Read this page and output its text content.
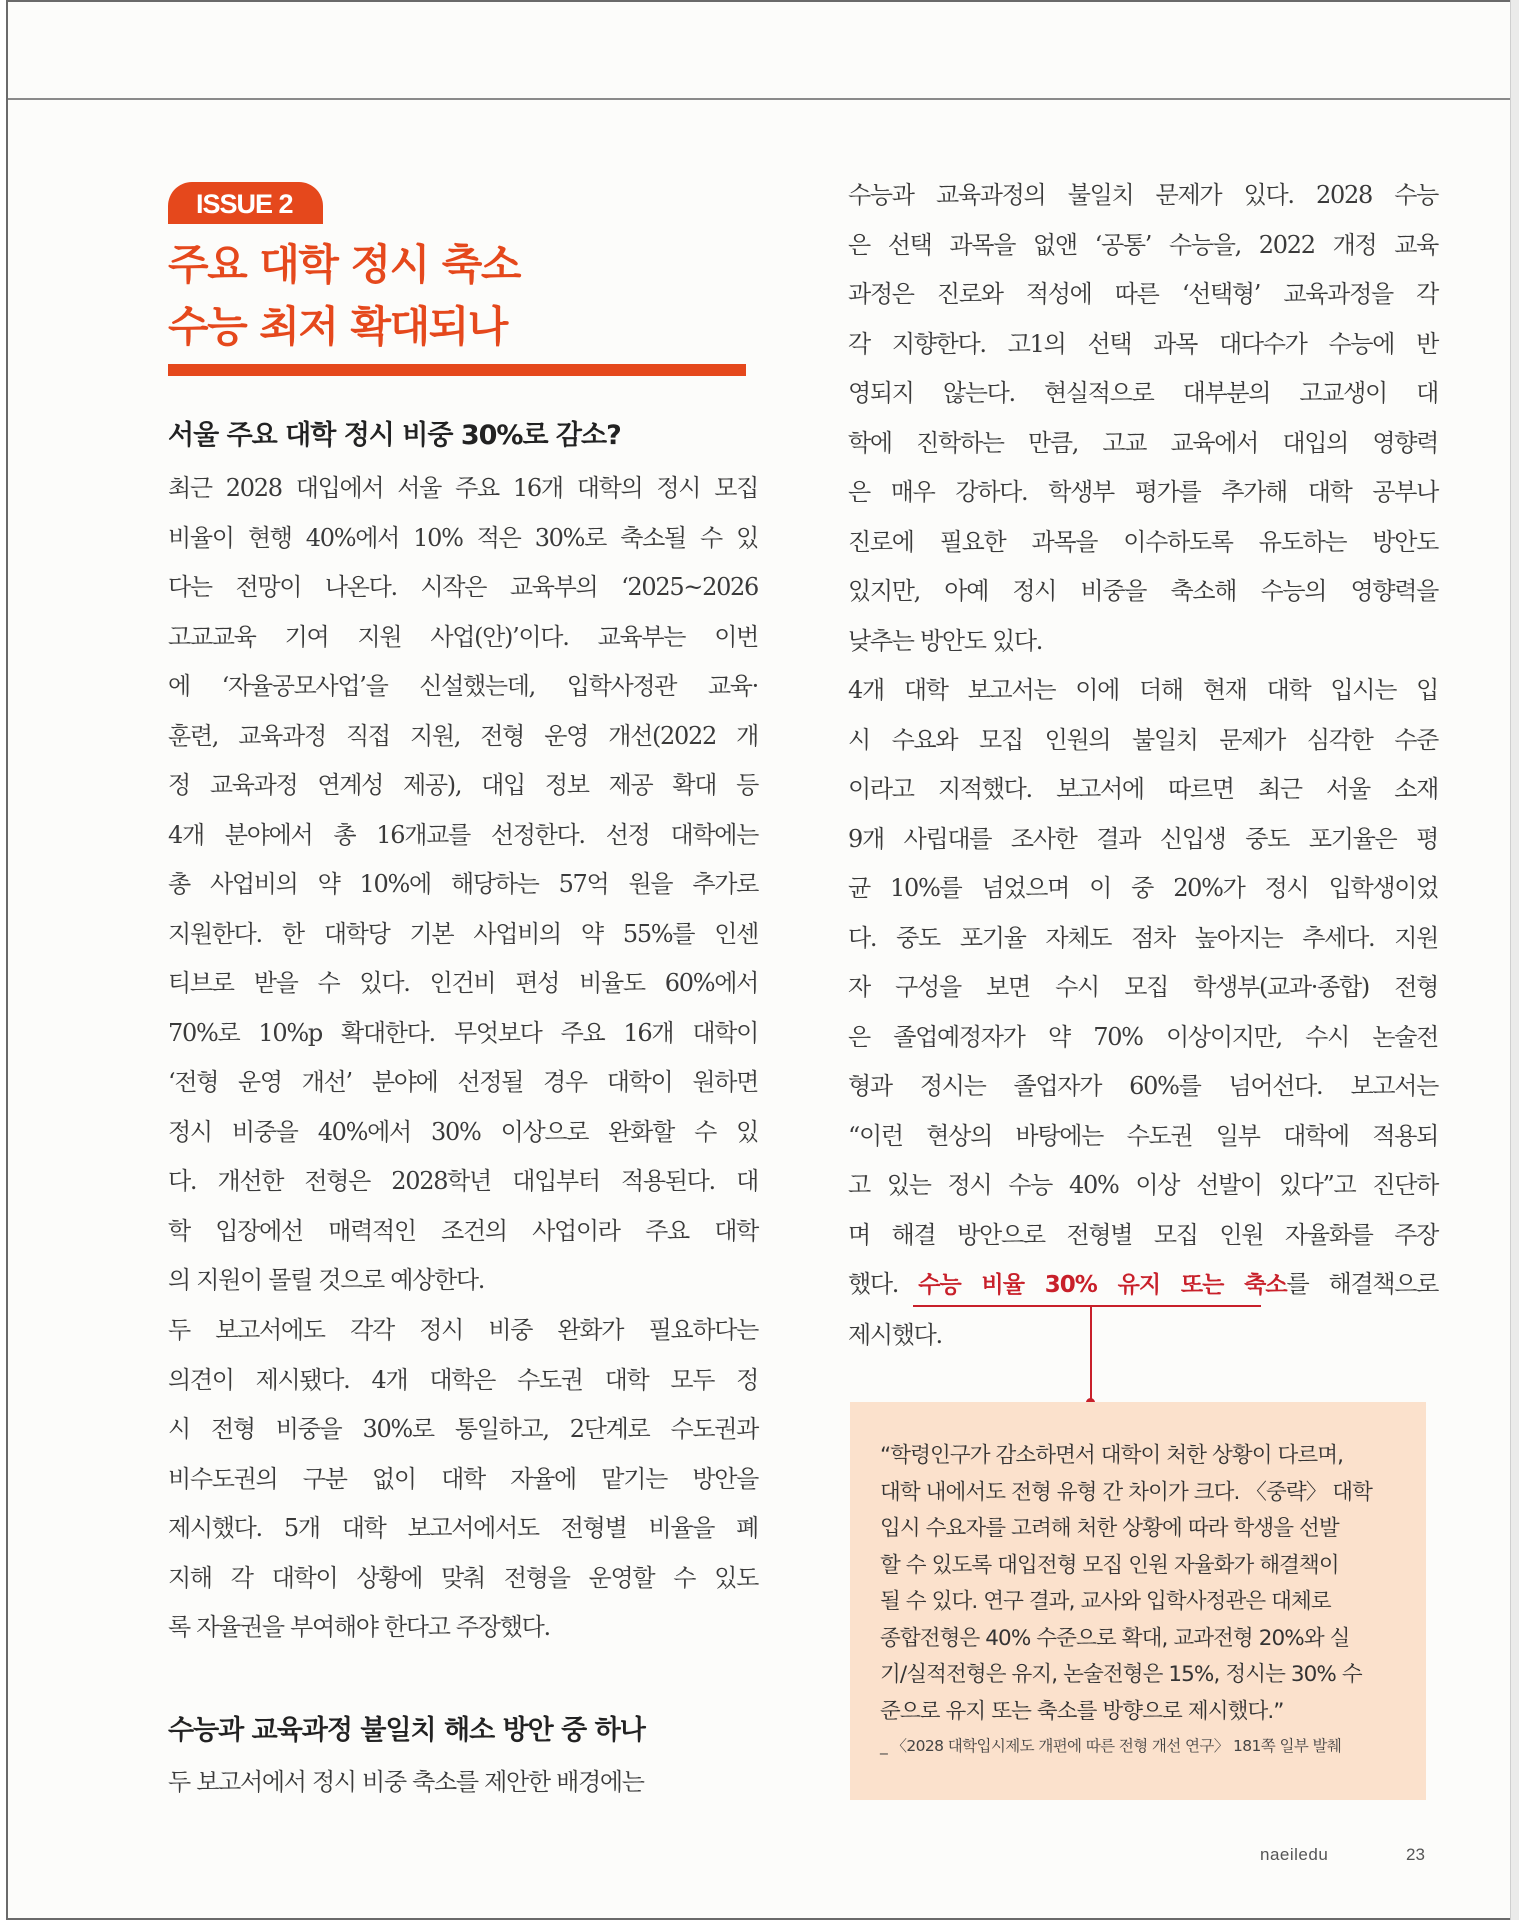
ISSUE 2
주요 대학 정시 축소
수능 최저 확대되나
서울 주요 대학 정시 비중 30%로 감소?

최근 2028 대입에서 서울 주요 16개 대학의 정시 모집
비율이 현행 40%에서 10% 적은 30%로 축소될 수 있
다는 전망이 나온다. 시작은 교육부의 ‘2025~2026
고교교육 기여 지원 사업(안)’이다. 교육부는 이번
에 ‘자율공모사업’을 신설했는데, 입학사정관 교육·
훈련, 교육과정 직접 지원, 전형 운영 개선(2022 개
정 교육과정 연계성 제공), 대입 정보 제공 확대 등
4개 분야에서 총 16개교를 선정한다. 선정 대학에는
총 사업비의 약 10%에 해당하는 57억 원을 추가로
지원한다. 한 대학당 기본 사업비의 약 55%를 인센
티브로 받을 수 있다. 인건비 편성 비율도 60%에서
70%로 10%p 확대한다. 무엇보다 주요 16개 대학이
‘전형 운영 개선’ 분야에 선정될 경우 대학이 원하면
정시 비중을 40%에서 30% 이상으로 완화할 수 있
다. 개선한 전형은 2028학년 대입부터 적용된다. 대
학 입장에선 매력적인 조건의 사업이라 주요 대학
의 지원이 몰릴 것으로 예상한다.

두 보고서에도 각각 정시 비중 완화가 필요하다는
의견이 제시됐다. 4개 대학은 수도권 대학 모두 정
시 전형 비중을 30%로 통일하고, 2단계로 수도권과
비수도권의 구분 없이 대학 자율에 맡기는 방안을
제시했다. 5개 대학 보고서에서도 전형별 비율을 폐
지해 각 대학이 상황에 맞춰 전형을 운영할 수 있도
록 자율권을 부여해야 한다고 주장했다.

수능과 교육과정 불일치 해소 방안 중 하나

두 보고서에서 정시 비중 축소를 제안한 배경에는

수능과 교육과정의 불일치 문제가 있다. 2028 수능
은 선택 과목을 없앤 ‘공통’ 수능을, 2022 개정 교육
과정은 진로와 적성에 따른 ‘선택형’ 교육과정을 각
각 지향한다. 고1의 선택 과목 대다수가 수능에 반
영되지 않는다. 현실적으로 대부분의 고교생이 대
학에 진학하는 만큼, 고교 교육에서 대입의 영향력
은 매우 강하다. 학생부 평가를 추가해 대학 공부나
진로에 필요한 과목을 이수하도록 유도하는 방안도
있지만, 아예 정시 비중을 축소해 수능의 영향력을
낮추는 방안도 있다.

4개 대학 보고서는 이에 더해 현재 대학 입시는 입
시 수요와 모집 인원의 불일치 문제가 심각한 수준
이라고 지적했다. 보고서에 따르면 최근 서울 소재
9개 사립대를 조사한 결과 신입생 중도 포기율은 평
균 10%를 넘었으며 이 중 20%가 정시 입학생이었
다. 중도 포기율 자체도 점차 높아지는 추세다. 지원
자 구성을 보면 수시 모집 학생부(교과·종합) 전형
은 졸업예정자가 약 70% 이상이지만, 수시 논술전
형과 정시는 졸업자가 60%를 넘어선다. 보고서는
“이런 현상의 바탕에는 수도권 일부 대학에 적용되
고 있는 정시 수능 40% 이상 선발이 있다”고 진단하
며 해결 방안으로 전형별 모집 인원 자율화를 주장
했다. 수능 비율 30% 유지 또는 축소를 해결책으로
제시했다.

“학령인구가 감소하면서 대학이 처한 상황이 다르며,
대학 내에서도 전형 유형 간 차이가 크다. 〈중략〉 대학
입시 수요자를 고려해 처한 상황에 따라 학생을 선발
할 수 있도록 대입전형 모집 인원 자율화가 해결책이
될 수 있다. 연구 결과, 교사와 입학사정관은 대체로
종합전형은 40% 수준으로 확대, 교과전형 20%와 실
기/실적전형은 유지, 논술전형은 15%, 정시는 30% 수
준으로 유지 또는 축소를 방향으로 제시했다.”

_ 〈2028 대학입시제도 개편에 따른 전형 개선 연구〉 181쪽 일부 발췌

naeiledu	23
